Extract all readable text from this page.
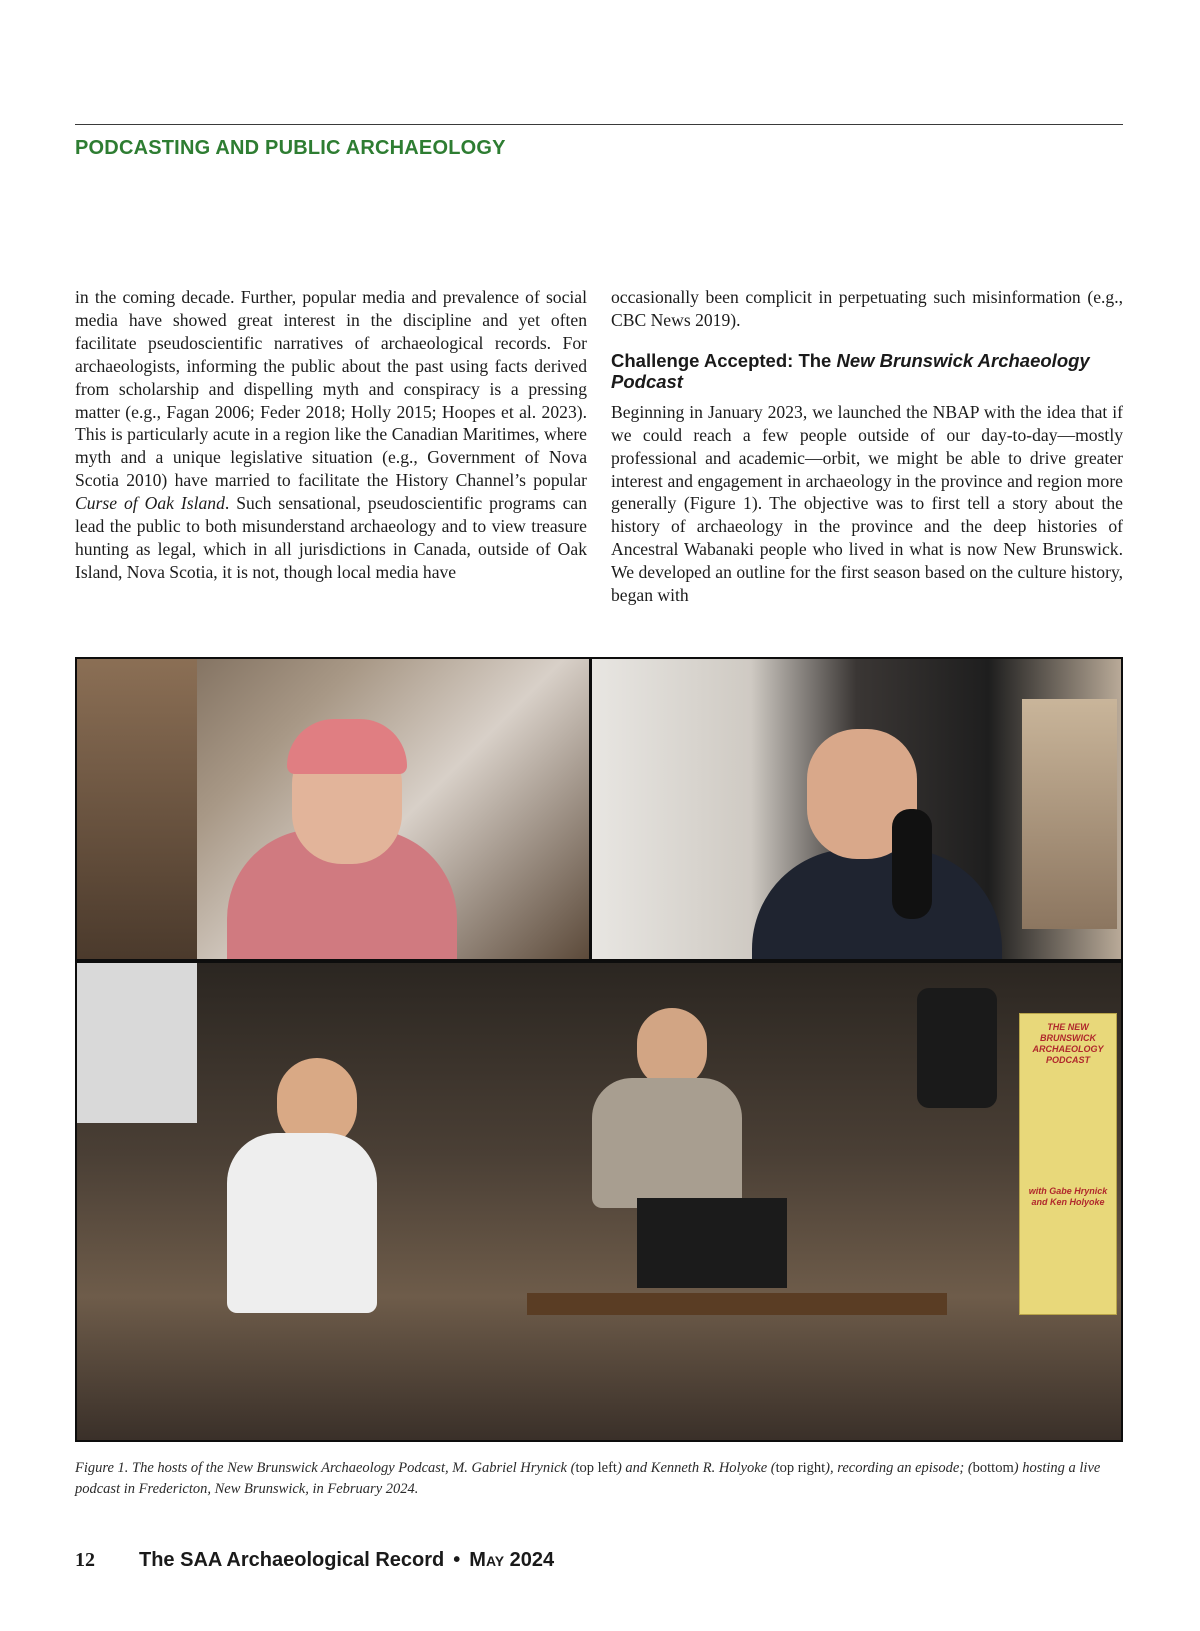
PODCASTING AND PUBLIC ARCHAEOLOGY

in the coming decade. Further, popular media and prevalence of social media have showed great interest in the discipline and yet often facilitate pseudoscientific narratives of archaeological records. For archaeologists, informing the public about the past using facts derived from scholarship and dispelling myth and conspiracy is a pressing matter (e.g., Fagan 2006; Feder 2018; Holly 2015; Hoopes et al. 2023). This is particularly acute in a region like the Canadian Maritimes, where myth and a unique legislative situation (e.g., Government of Nova Scotia 2010) have married to facilitate the History Channel’s popular Curse of Oak Island. Such sensational, pseudoscientific programs can lead the public to both misunderstand archaeology and to view treasure hunting as legal, which in all jurisdictions in Canada, outside of Oak Island, Nova Scotia, it is not, though local media have

occasionally been complicit in perpetuating such misinformation (e.g., CBC News 2019).

Challenge Accepted: The New Brunswick Archaeology Podcast

Beginning in January 2023, we launched the NBAP with the idea that if we could reach a few people outside of our day-to-day—mostly professional and academic—orbit, we might be able to drive greater interest and engagement in archaeology in the province and region more generally (Figure 1). The objective was to first tell a story about the history of archaeology in the province and the deep histories of Ancestral Wabanaki people who lived in what is now New Brunswick. We developed an outline for the first season based on the culture history, began with

THE NEW BRUNSWICK
ARCHAEOLOGY
PODCAST
with Gabe Hrynick
and Ken Holyoke
Figure 1. The hosts of the New Brunswick Archaeology Podcast, M. Gabriel Hrynick (top left) and Kenneth R. Holyoke (top right), recording an episode; (bottom) hosting a live podcast in Fredericton, New Brunswick, in February 2024.
12 The SAA Archaeological Record • May 2024
